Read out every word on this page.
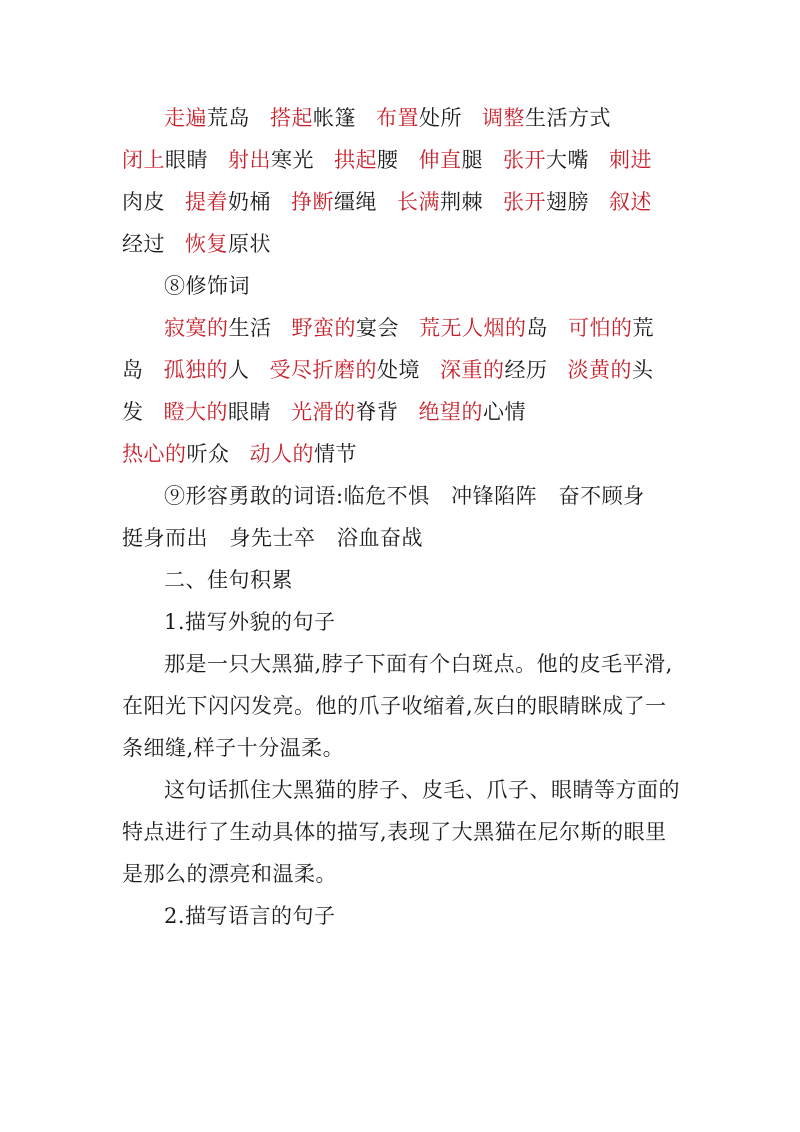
走遍荒岛 搭起帐篷 布置处所 调整生活方式
闭上眼睛 射出寒光 拱起腰 伸直腿 张开大嘴 刺进
肉皮 提着奶桶 挣断缰绳 长满荆棘 张开翅膀 叙述
经过 恢复原状
⑧修饰词
寂寞的生活 野蛮的宴会 荒无人烟的岛 可怕的荒
岛 孤独的人 受尽折磨的处境 深重的经历 淡黄的头
发 瞪大的眼睛 光滑的脊背 绝望的心情
热心的听众 动人的情节
⑨形容勇敢的词语:临危不惧　冲锋陷阵　奋不顾身
挺身而出　身先士卒　浴血奋战
二、佳句积累
1.描写外貌的句子
那是一只大黑猫,脖子下面有个白斑点。他的皮毛平滑,
在阳光下闪闪发亮。他的爪子收缩着,灰白的眼睛眯成了一
条细缝,样子十分温柔。
这句话抓住大黑猫的脖子、皮毛、爪子、眼睛等方面的
特点进行了生动具体的描写,表现了大黑猫在尼尔斯的眼里
是那么的漂亮和温柔。
2.描写语言的句子
